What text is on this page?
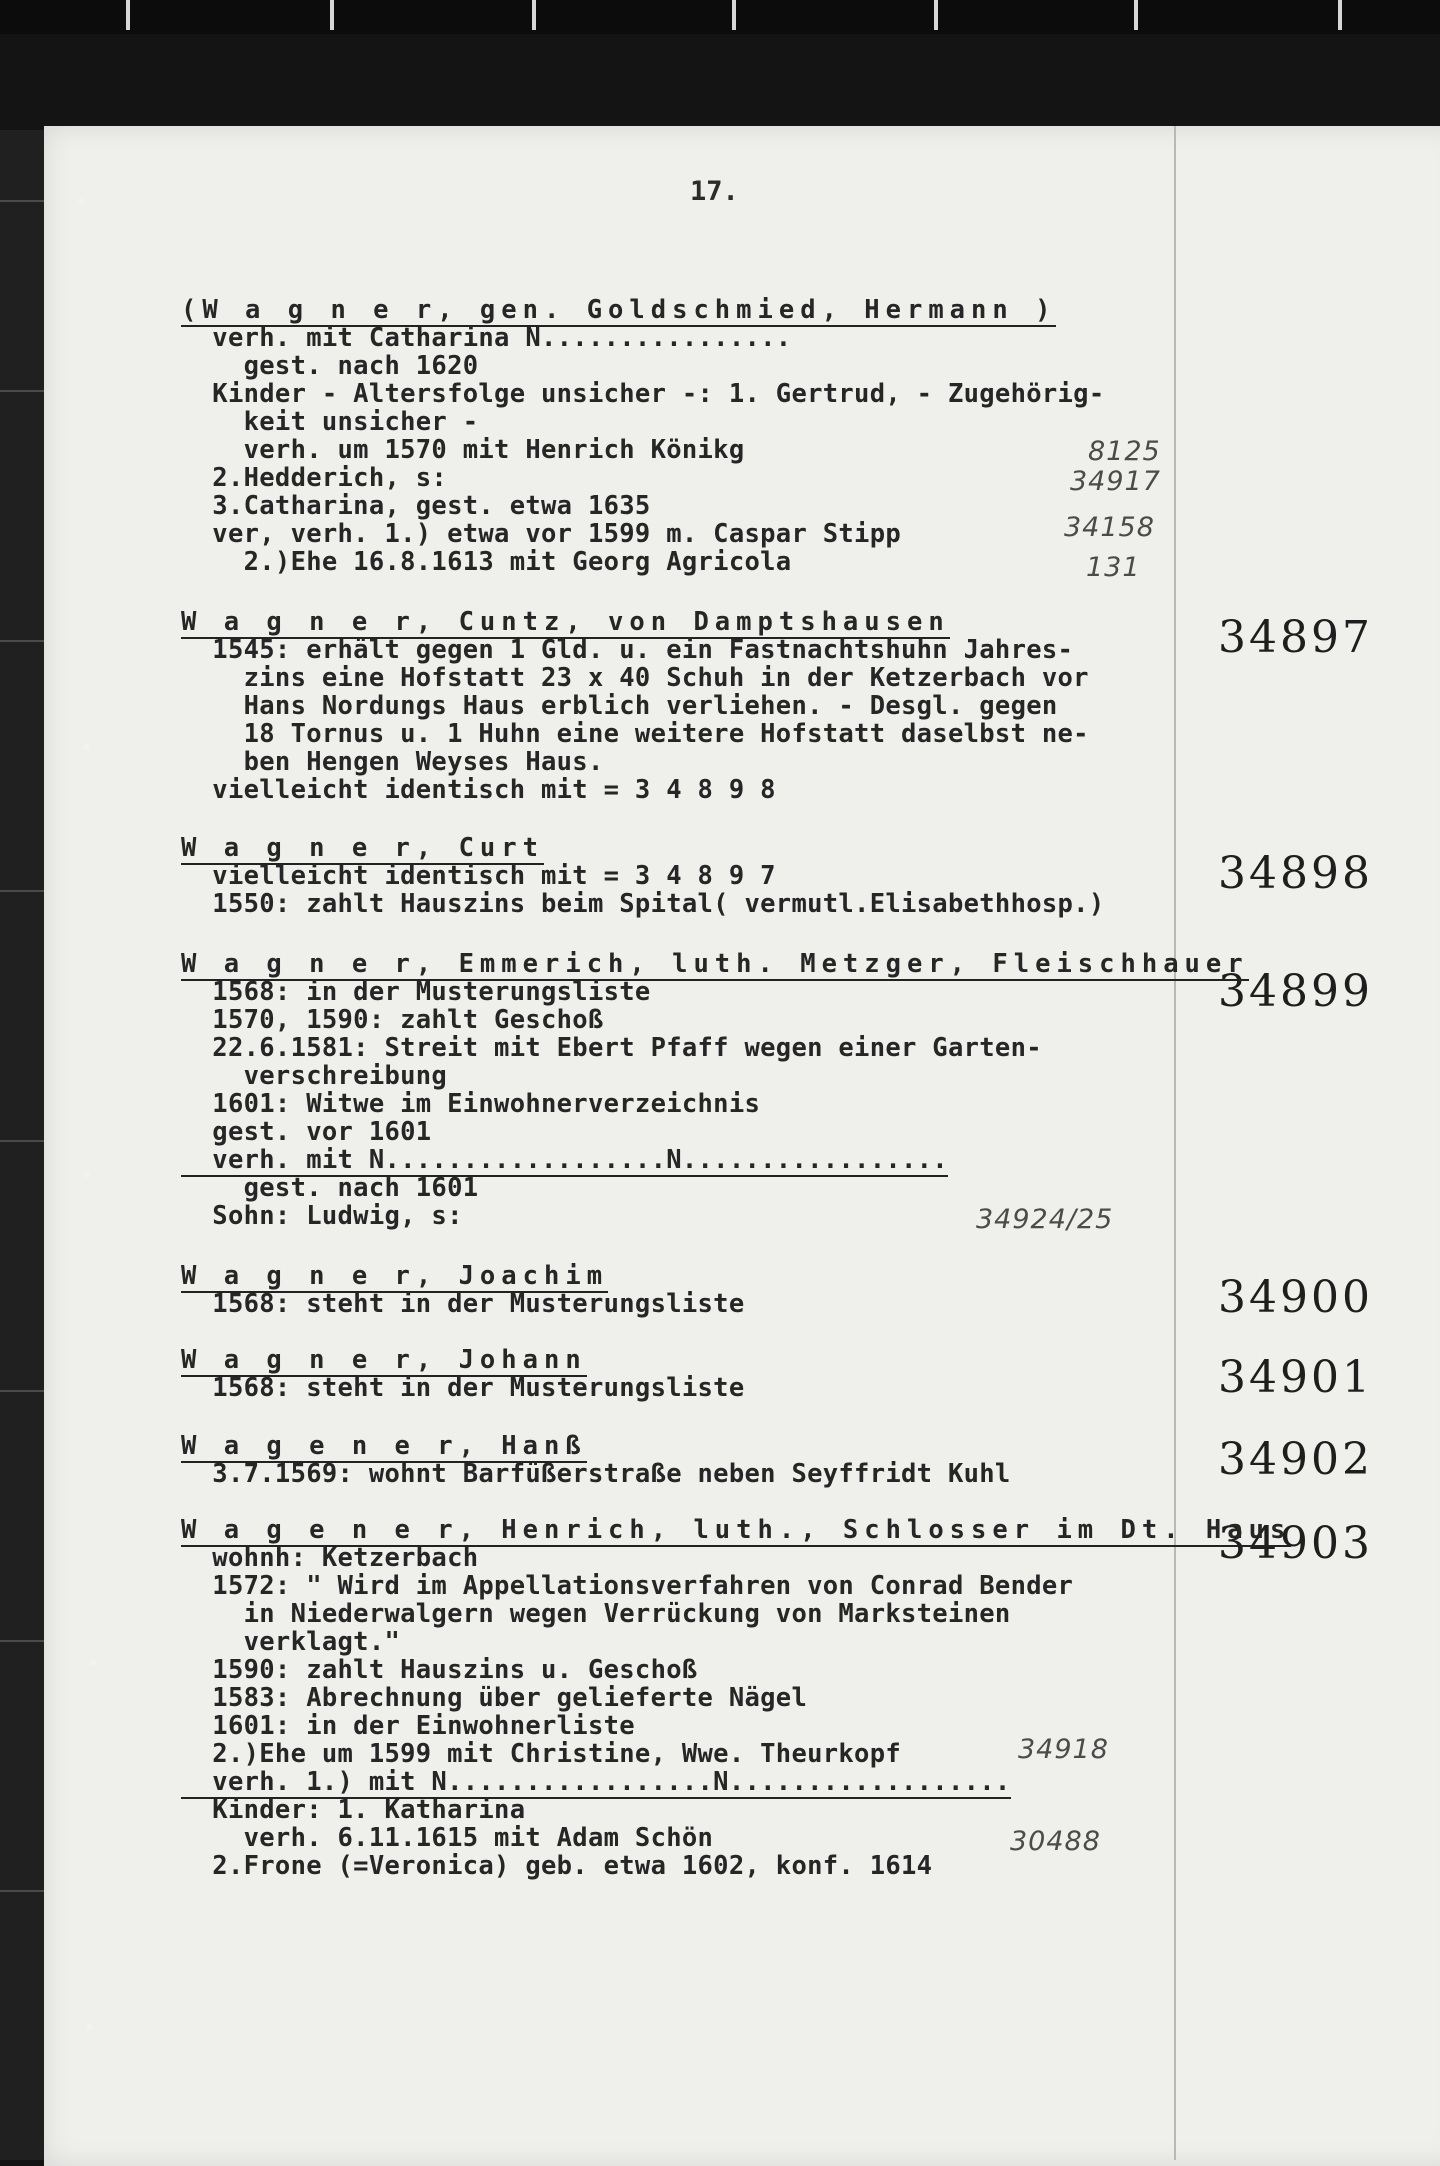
17.
(W a g n e r, gen. Goldschmied, Hermann )
verh. mit Catharina N................
gest. nach 1620
Kinder - Altersfolge unsicher -: 1. Gertrud, - Zugehörig-
keit unsicher -
verh. um 1570 mit Henrich Könikg
2.Hedderich, s:
3.Catharina, gest. etwa 1635
ver, verh. 1.) etwa vor 1599 m. Caspar Stipp
2.)Ehe 16.8.1613 mit Georg Agricola
8125
34917
34158
131
34897
W a g n e r, Cuntz, von Damptshausen
1545: erhält gegen 1 Gld. u. ein Fastnachtshuhn Jahres-
zins eine Hofstatt 23 x 40 Schuh in der Ketzerbach vor
Hans Nordungs Haus erblich verliehen. - Desgl. gegen
18 Tornus u. 1 Huhn eine weitere Hofstatt daselbst ne-
ben Hengen Weyses Haus.
vielleicht identisch mit = 3 4 8 9 8
34898
W a g n e r, Curt
vielleicht identisch mit = 3 4 8 9 7
1550: zahlt Hauszins beim Spital( vermutl.Elisabethhosp.)
34899
W a g n e r, Emmerich, luth. Metzger, Fleischhauer
1568: in der Musterungsliste
1570, 1590: zahlt Geschoß
22.6.1581: Streit mit Ebert Pfaff wegen einer Garten-
verschreibung
1601: Witwe im Einwohnerverzeichnis
gest. vor 1601
verh. mit N..................N.................
gest. nach 1601
Sohn: Ludwig, s:	34924/25
34900
W a g n e r, Joachim
1568: steht in der Musterungsliste
34901
W a g n e r, Johann
1568: steht in der Musterungsliste
34902
W a g e n e r, Hanß
3.7.1569: wohnt Barfüßerstraße neben Seyffridt Kuhl
34903
W a g e n e r, Henrich, luth., Schlosser im Dt. Haus
wohnh: Ketzerbach
1572: " Wird im Appellationsverfahren von Conrad Bender
in Niederwalgern wegen Verrückung von Marksteinen
verklagt."
1590: zahlt Hauszins u. Geschoß
1583: Abrechnung über gelieferte Nägel
1601: in der Einwohnerliste
2.)Ehe um 1599 mit Christine, Wwe. Theurkopf
verh. 1.) mit N.................N..................
Kinder: 1. Katharina
verh. 6.11.1615 mit Adam Schön
2.Frone (=Veronica) geb. etwa 1602, konf. 1614
34918
30488
